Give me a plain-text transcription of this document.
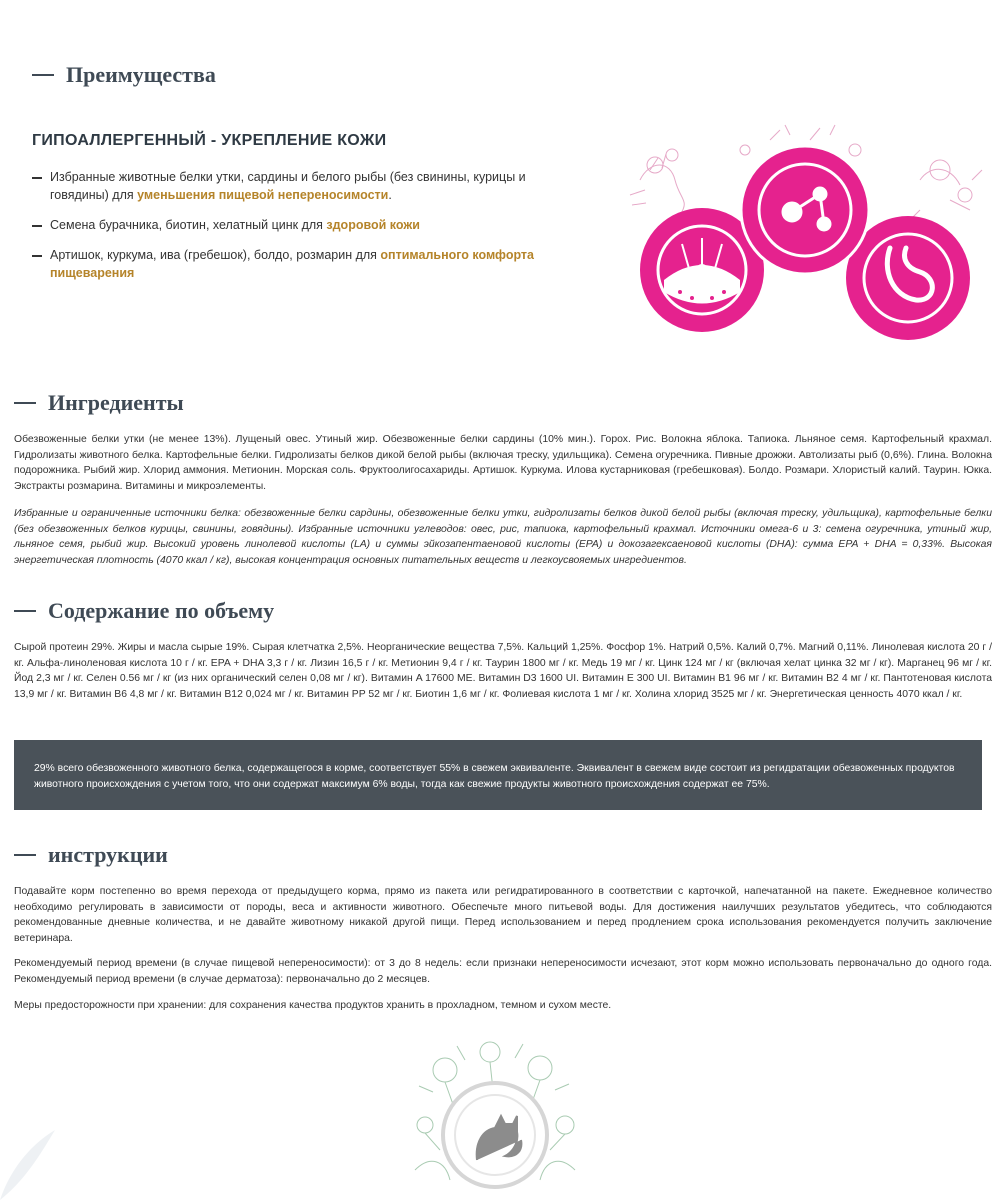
Преимущества
ГИПОАЛЛЕРГЕННЫЙ - УКРЕПЛЕНИЕ КОЖИ
Избранные животные белки утки, сардины и белого рыбы (без свинины, курицы и говядины) для уменьшения пищевой непереносимости.
Семена бурачника, биотин, хелатный цинк для здоровой кожи
Артишок, куркума, ива (гребешок), болдо, розмарин для оптимального комфорта пищеварения
Ингредиенты

Обезвоженные белки утки (не менее 13%). Лущеный овес. Утиный жир. Обезвоженные белки сардины (10% мин.). Горох. Рис. Волокна яблока. Тапиока. Льняное семя. Картофельный крахмал. Гидролизаты животного белка. Картофельные белки. Гидролизаты белков дикой белой рыбы (включая треску, удильщика). Семена огуречника. Пивные дрожжи. Автолизаты рыб (0,6%). Глина. Волокна подорожника. Рыбий жир. Хлорид аммония. Метионин. Морская соль. Фруктоолигосахариды. Артишок. Куркума. Илова кустарниковая (гребешковая). Болдо. Розмари. Хлористый калий. Таурин. Юкка. Экстракты розмарина. Витамины и микроэлементы.

Избранные и ограниченные источники белка: обезвоженные белки сардины, обезвоженные белки утки, гидролизаты белков дикой белой рыбы (включая треску, удильщика), картофельные белки (без обезвоженных белков курицы, свинины, говядины). Избранные источники углеводов: овес, рис, тапиока, картофельный крахмал. Источники омега-6 и 3: семена огуречника, утиный жир, льняное семя, рыбий жир. Высокий уровень линолевой кислоты (LA) и суммы эйкозапентаеновой кислоты (EPA) и докозагексаеновой кислоты (DHA): сумма EPA + DHA = 0,33%. Высокая энергетическая плотность (4070 ккал / кг), высокая концентрация основных питательных веществ и легкоусвояемых ингредиентов.

Содержание по объему

Сырой протеин 29%. Жиры и масла сырые 19%. Сырая клетчатка 2,5%. Неорганические вещества 7,5%. Кальций 1,25%. Фосфор 1%. Натрий 0,5%. Калий 0,7%. Магний 0,11%. Линолевая кислота 20 г / кг. Альфа-линоленовая кислота 10 г / кг. EPA + DHA 3,3 г / кг. Лизин 16,5 г / кг. Метионин 9,4 г / кг. Таурин 1800 мг / кг. Медь 19 мг / кг. Цинк 124 мг / кг (включая хелат цинка 32 мг / кг). Марганец 96 мг / кг. Йод 2,3 мг / кг. Селен 0.56 мг / кг (из них органический селен 0,08 мг / кг). Витамин A 17600 ME. Витамин D3 1600 UI. Витамин E 300 UI. Витамин B1 96 мг / кг. Витамин B2 4 мг / кг. Пантотеновая кислота 13,9 мг / кг. Витамин B6 4,8 мг / кг. Витамин B12 0,024 мг / кг. Витамин PP 52 мг / кг. Биотин 1,6 мг / кг. Фолиевая кислота 1 мг / кг. Холина хлорид 3525 мг / кг. Энергетическая ценность 4070 ккал / кг.

29% всего обезвоженного животного белка, содержащегося в корме, соответствует 55% в свежем эквиваленте. Эквивалент в свежем виде состоит из регидратации обезвоженных продуктов животного происхождения с учетом того, что они содержат максимум 6% воды, тогда как свежие продукты животного происхождения содержат ее 75%.

инструкции

Подавайте корм постепенно во время перехода от предыдущего корма, прямо из пакета или регидратированного в соответствии с карточкой, напечатанной на пакете. Ежедневное количество необходимо регулировать в зависимости от породы, веса и активности животного. Обеспечьте много питьевой воды. Для достижения наилучших результатов убедитесь, что соблюдаются рекомендованные дневные количества, и не давайте животному никакой другой пищи. Перед использованием и перед продлением срока использования рекомендуется получить заключение ветеринара.

Рекомендуемый период времени (в случае пищевой непереносимости): от 3 до 8 недель: если признаки непереносимости исчезают, этот корм можно использовать первоначально до одного года. Рекомендуемый период времени (в случае дерматоза): первоначально до 2 месяцев.

Меры предосторожности при хранении: для сохранения качества продуктов хранить в прохладном, темном и сухом месте.
